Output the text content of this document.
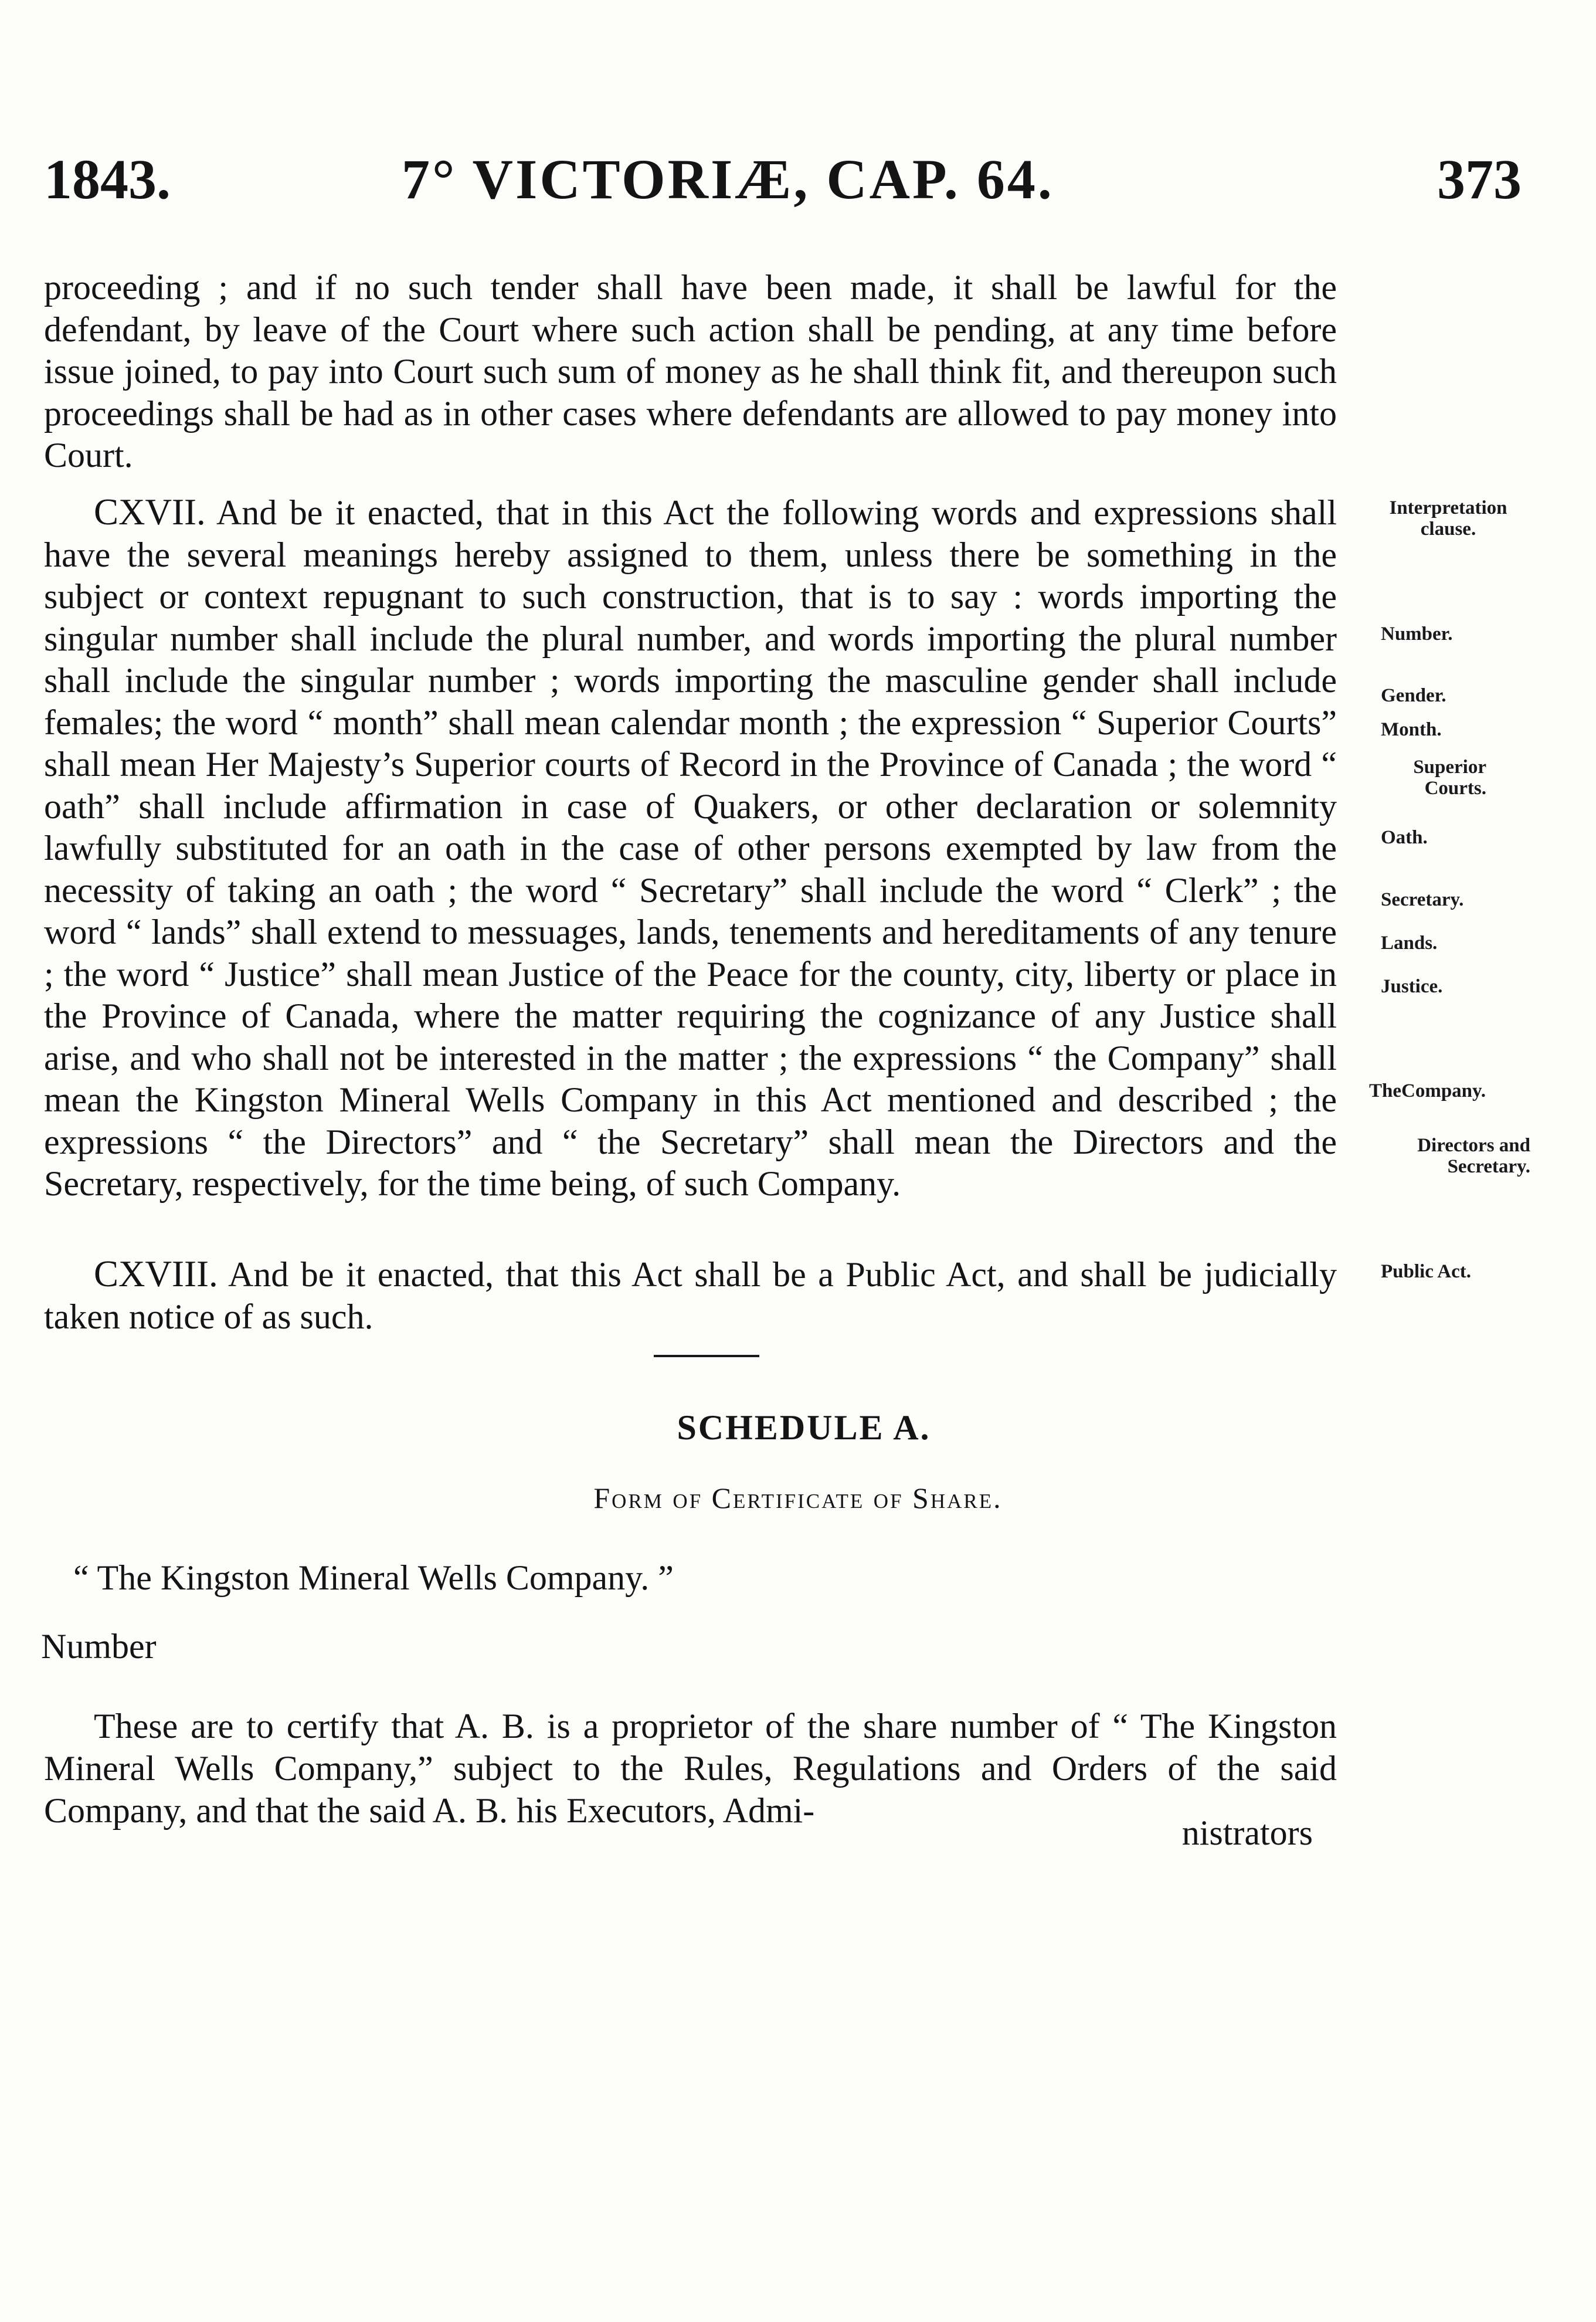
1843.	7° VICTORIÆ, CAP. 64.	373
proceeding ; and if no such tender shall have been made, it shall be lawful for the defendant, by leave of the Court where such action shall be pending, at any time before issue joined, to pay into Court such sum of money as he shall think fit, and thereupon such proceedings shall be had as in other cases where defendants are allowed to pay money into Court.
CXVII. And be it enacted, that in this Act the following words and expressions shall have the several meanings hereby assigned to them, unless there be something in the subject or context repugnant to such construction, that is to say : words importing the singular number shall include the plural number, and words importing the plural number shall include the singular number ; words importing the masculine gender shall include females; the word “ month” shall mean calendar month ; the expression “ Superior Courts” shall mean Her Majesty’s Superior courts of Record in the Province of Canada ; the word “ oath” shall include affirmation in case of Quakers, or other declaration or solemnity lawfully substituted for an oath in the case of other persons exempted by law from the necessity of taking an oath ; the word “ Secretary” shall include the word “ Clerk” ; the word “ lands” shall extend to messuages, lands, tenements and hereditaments of any tenure ; the word “ Justice” shall mean Justice of the Peace for the county, city, liberty or place in the Province of Canada, where the matter requiring the cognizance of any Justice shall arise, and who shall not be interested in the matter ; the expressions “ the Company” shall mean the Kingston Mineral Wells Company in this Act mentioned and described ; the expressions “ the Directors” and “ the Secretary” shall mean the Directors and the Secretary, respectively, for the time being, of such Company.
CXVIII. And be it enacted, that this Act shall be a Public Act, and shall be judicially taken notice of as such.
Interpretation clause.
Number.
Gender.
Month.
Superior Courts.
Oath.
Secretary.
Lands.
Justice.
TheCompany.
Directors and Secretary.
Public Act.
SCHEDULE A.
Form of Certificate of Share.
“ The Kingston Mineral Wells Company. ”
Number
These are to certify that A. B. is a proprietor of the share number of “ The Kingston Mineral Wells Company,” subject to the Rules, Regulations and Orders of the said Company, and that the said A. B. his Executors, Admi-
nistrators
